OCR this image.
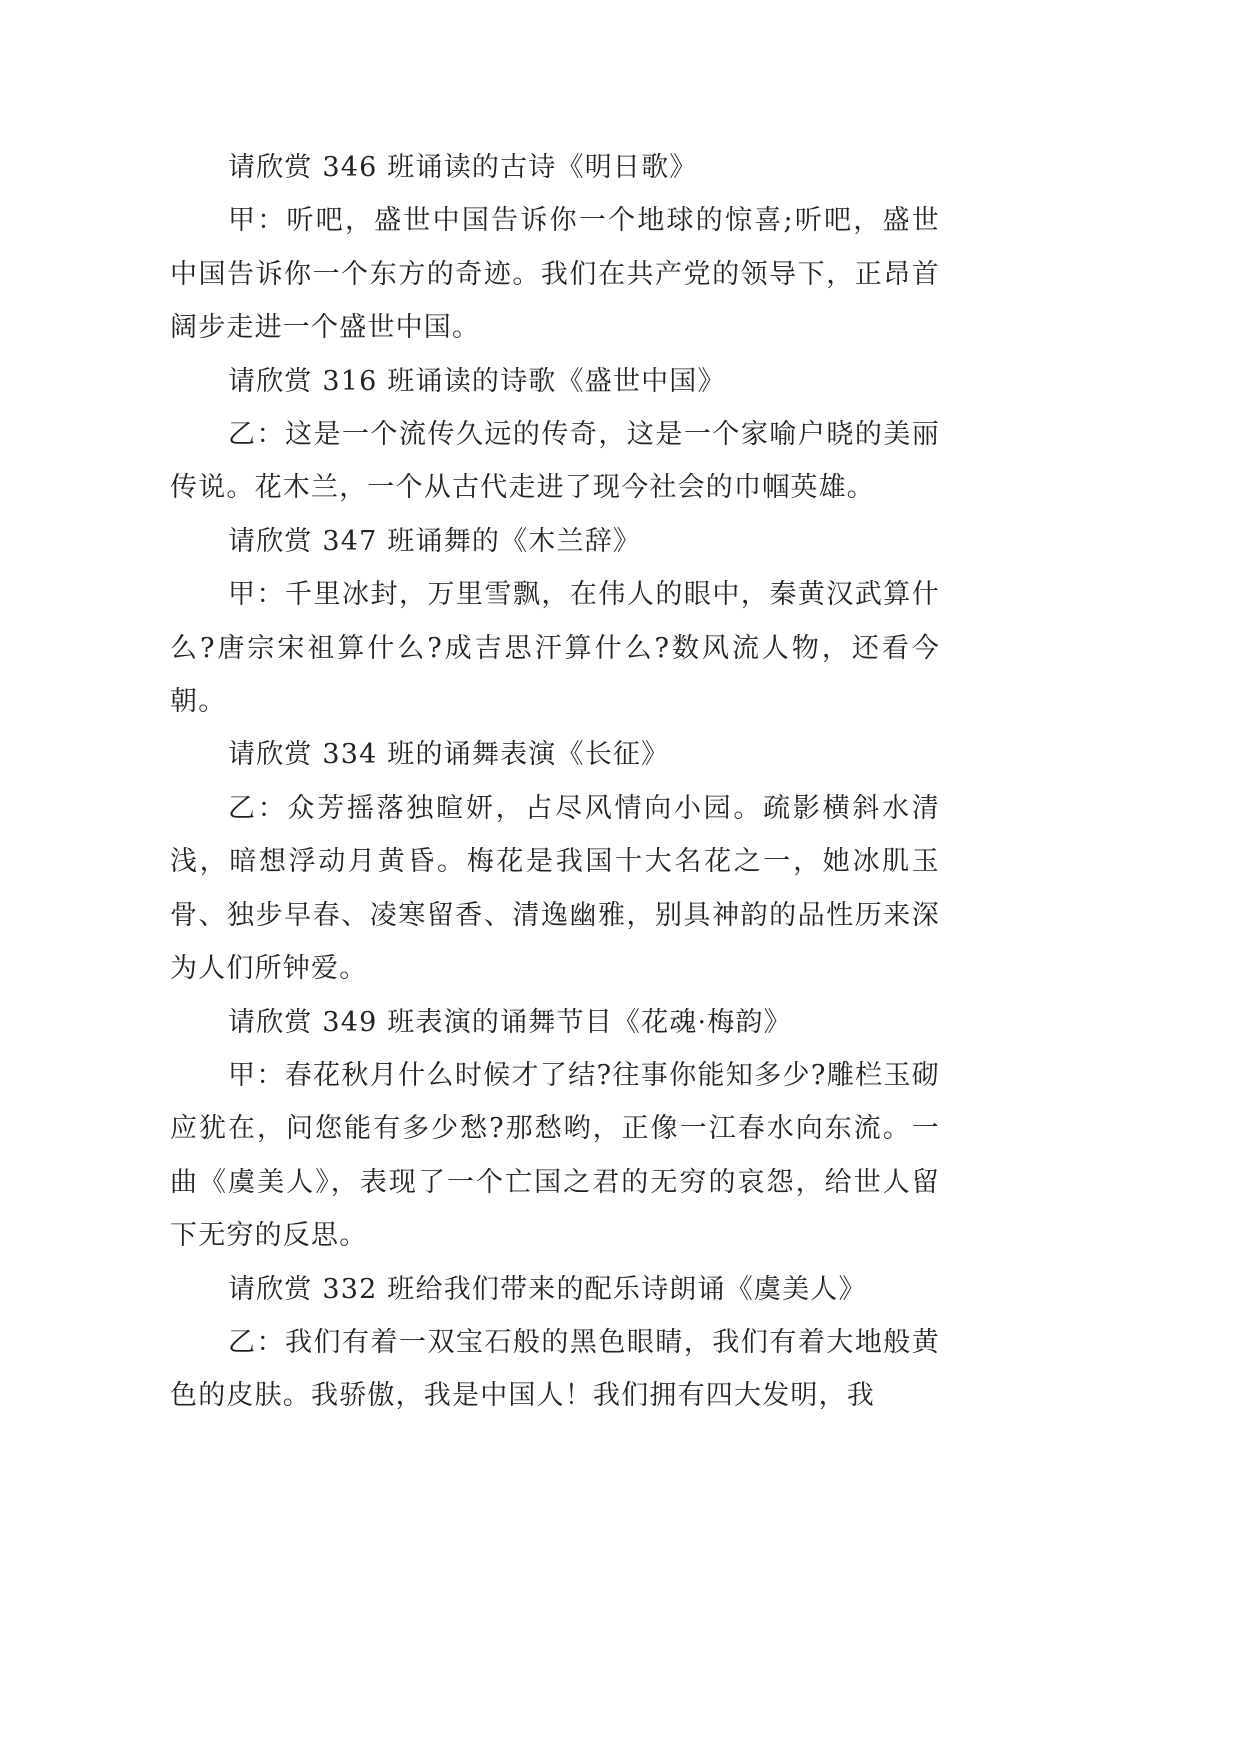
请欣赏 346 班诵读的古诗《明日歌》

甲：听吧，盛世中国告诉你一个地球的惊喜;听吧，盛世中国告诉你一个东方的奇迹。我们在共产党的领导下，正昂首阔步走进一个盛世中国。

请欣赏 316 班诵读的诗歌《盛世中国》

乙：这是一个流传久远的传奇，这是一个家喻户晓的美丽传说。花木兰，一个从古代走进了现今社会的巾帼英雄。

请欣赏 347 班诵舞的《木兰辞》

甲：千里冰封，万里雪飘，在伟人的眼中，秦黄汉武算什么?唐宗宋祖算什么?成吉思汗算什么?数风流人物，还看今朝。

请欣赏 334 班的诵舞表演《长征》

乙：众芳摇落独暄妍，占尽风情向小园。疏影横斜水清浅，暗想浮动月黄昏。梅花是我国十大名花之一，她冰肌玉骨、独步早春、凌寒留香、清逸幽雅，别具神韵的品性历来深为人们所钟爱。

请欣赏 349 班表演的诵舞节目《花魂·梅韵》

甲：春花秋月什么时候才了结?往事你能知多少?雕栏玉砌应犹在，问您能有多少愁?那愁哟，正像一江春水向东流。一曲《虞美人》，表现了一个亡国之君的无穷的哀怨，给世人留下无穷的反思。

请欣赏 332 班给我们带来的配乐诗朗诵《虞美人》

乙：我们有着一双宝石般的黑色眼睛，我们有着大地般黄色的皮肤。我骄傲，我是中国人！我们拥有四大发明，我
